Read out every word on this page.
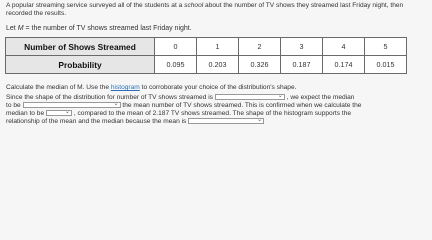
A popular streaming service surveyed all of the students at a school about the number of TV shows they streamed last Friday night, then recorded the results.
Let M = the number of TV shows streamed last Friday night.
Number of Shows Streamed	0	1	2	3	4	5
Probability	0.095	0.203	0.326	0.187	0.174	0.015
Calculate the median of M. Use the histogram to corroborate your choice of the distribution's shape.
Since the shape of the distribution for number of TV shows streamed is	⌄ , we expect the median
to be	⌄ the mean number of TV shows streamed. This is confirmed when we calculate the
median to be	⌄ , compared to the mean of 2.187 TV shows streamed. The shape of the histogram supports the
relationship of the mean and the median because the mean is	⌄
